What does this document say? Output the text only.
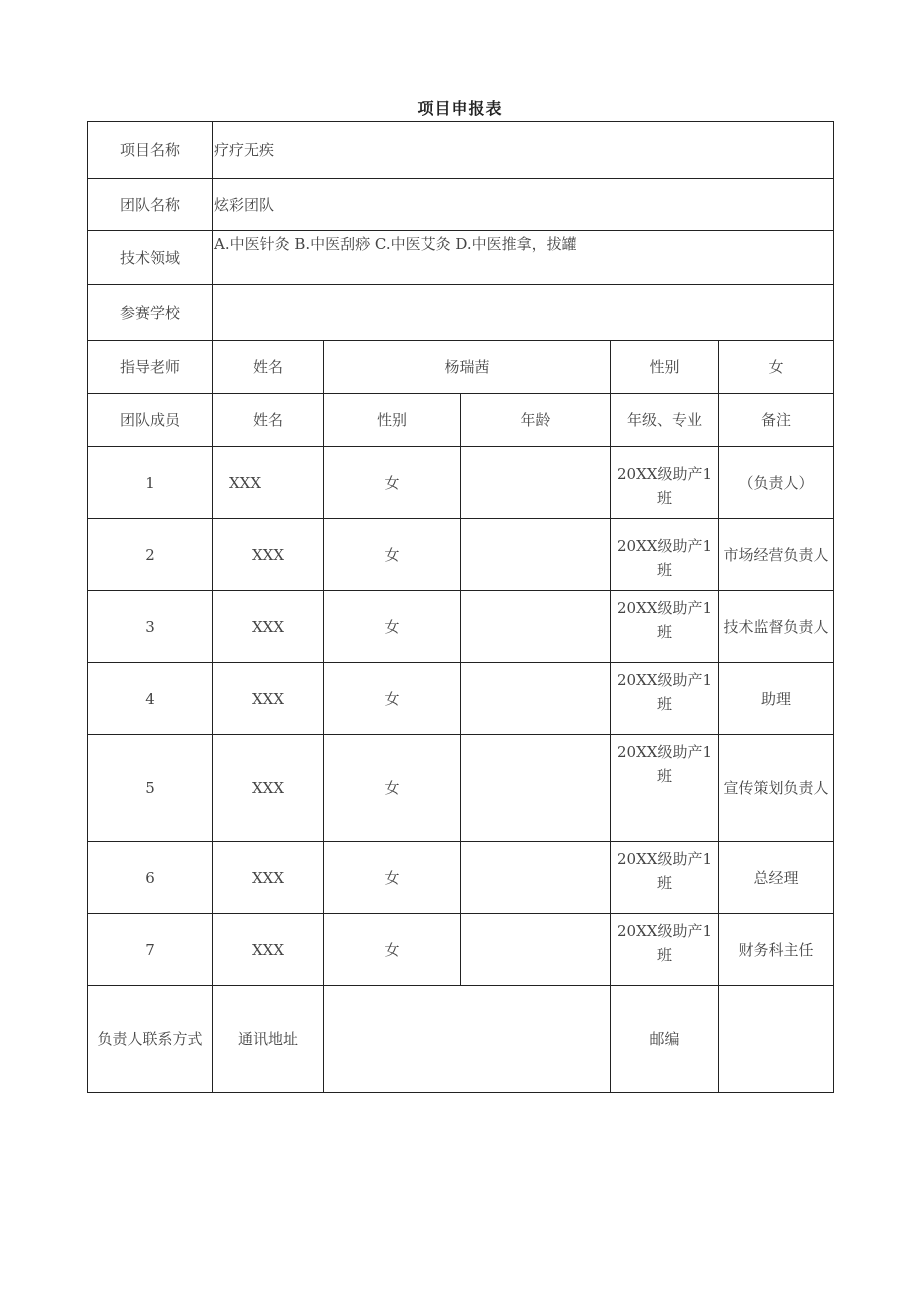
项目申报表
项目名称	疗疗无疾				
团队名称	炫彩团队				
技术领域	A.中医针灸 B.中医刮痧 C.中医艾灸 D.中医推拿，拔罐				
参赛学校					
指导老师	姓名	杨瑞茜		性别	女
团队成员	姓名	性别	年龄	年级、专业	备注
1	XXX	女		20XX级助产1班	（负责人）
2	XXX	女		20XX级助产1班	市场经营负责人
3	XXX	女		20XX级助产1班	技术监督负责人
4	XXX	女		20XX级助产1班	助理
5	XXX	女		20XX级助产1班	宣传策划负责人
6	XXX	女		20XX级助产1班	总经理
7	XXX	女		20XX级助产1班	财务科主任
负责人联系方式	通讯地址			邮编	
